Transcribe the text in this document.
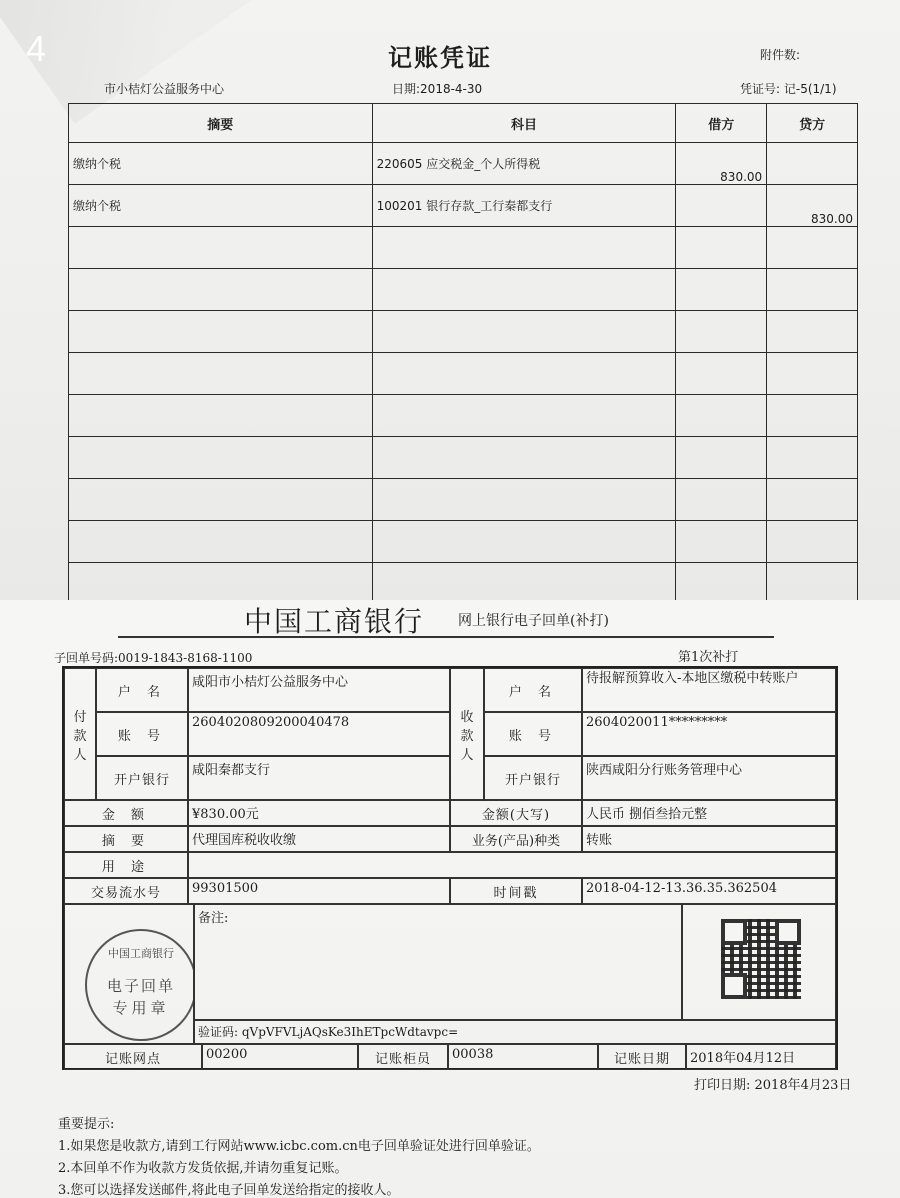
4	记账凭证	附件数:
市小桔灯公益服务中心	日期:2018-4-30	凭证号: 记-5(1/1)
摘要	科目	借方	贷方
缴纳个税	220605 应交税金_个人所得税	830.00	
缴纳个税	100201 银行存款_工行秦都支行		830.00

中国工商银行 网上银行电子回单(补打)
子回单号码:0019-1843-8168-1100	第1次补打
付款人
户 名
咸阳市小桔灯公益服务中心
账 号
2604020809200040478
开户银行
咸阳秦都支行
收款人
户 名
待报解预算收入-本地区缴税中转账户
账 号
2604020011*********
开户银行
陕西咸阳分行账务管理中心
金 额	¥830.00元	金额(大写)	人民币 捌佰叁拾元整
摘 要	代理国库税收收缴	业务(产品)种类	转账
用 途
交易流水号	99301500	时间戳	2018-04-12-13.36.35.362504
中国工商银行
电子回单
专用章
备注:
验证码: qVpVFVLjAQsKe3IhETpcWdtavpc=
记账网点	00200	记账柜员	00038	记账日期	2018年04月12日
打印日期: 2018年4月23日
重要提示:
1.如果您是收款方,请到工行网站www.icbc.com.cn电子回单验证处进行回单验证。
2.本回单不作为收款方发货依据,并请勿重复记账。
3.您可以选择发送邮件,将此电子回单发送给指定的接收人。
